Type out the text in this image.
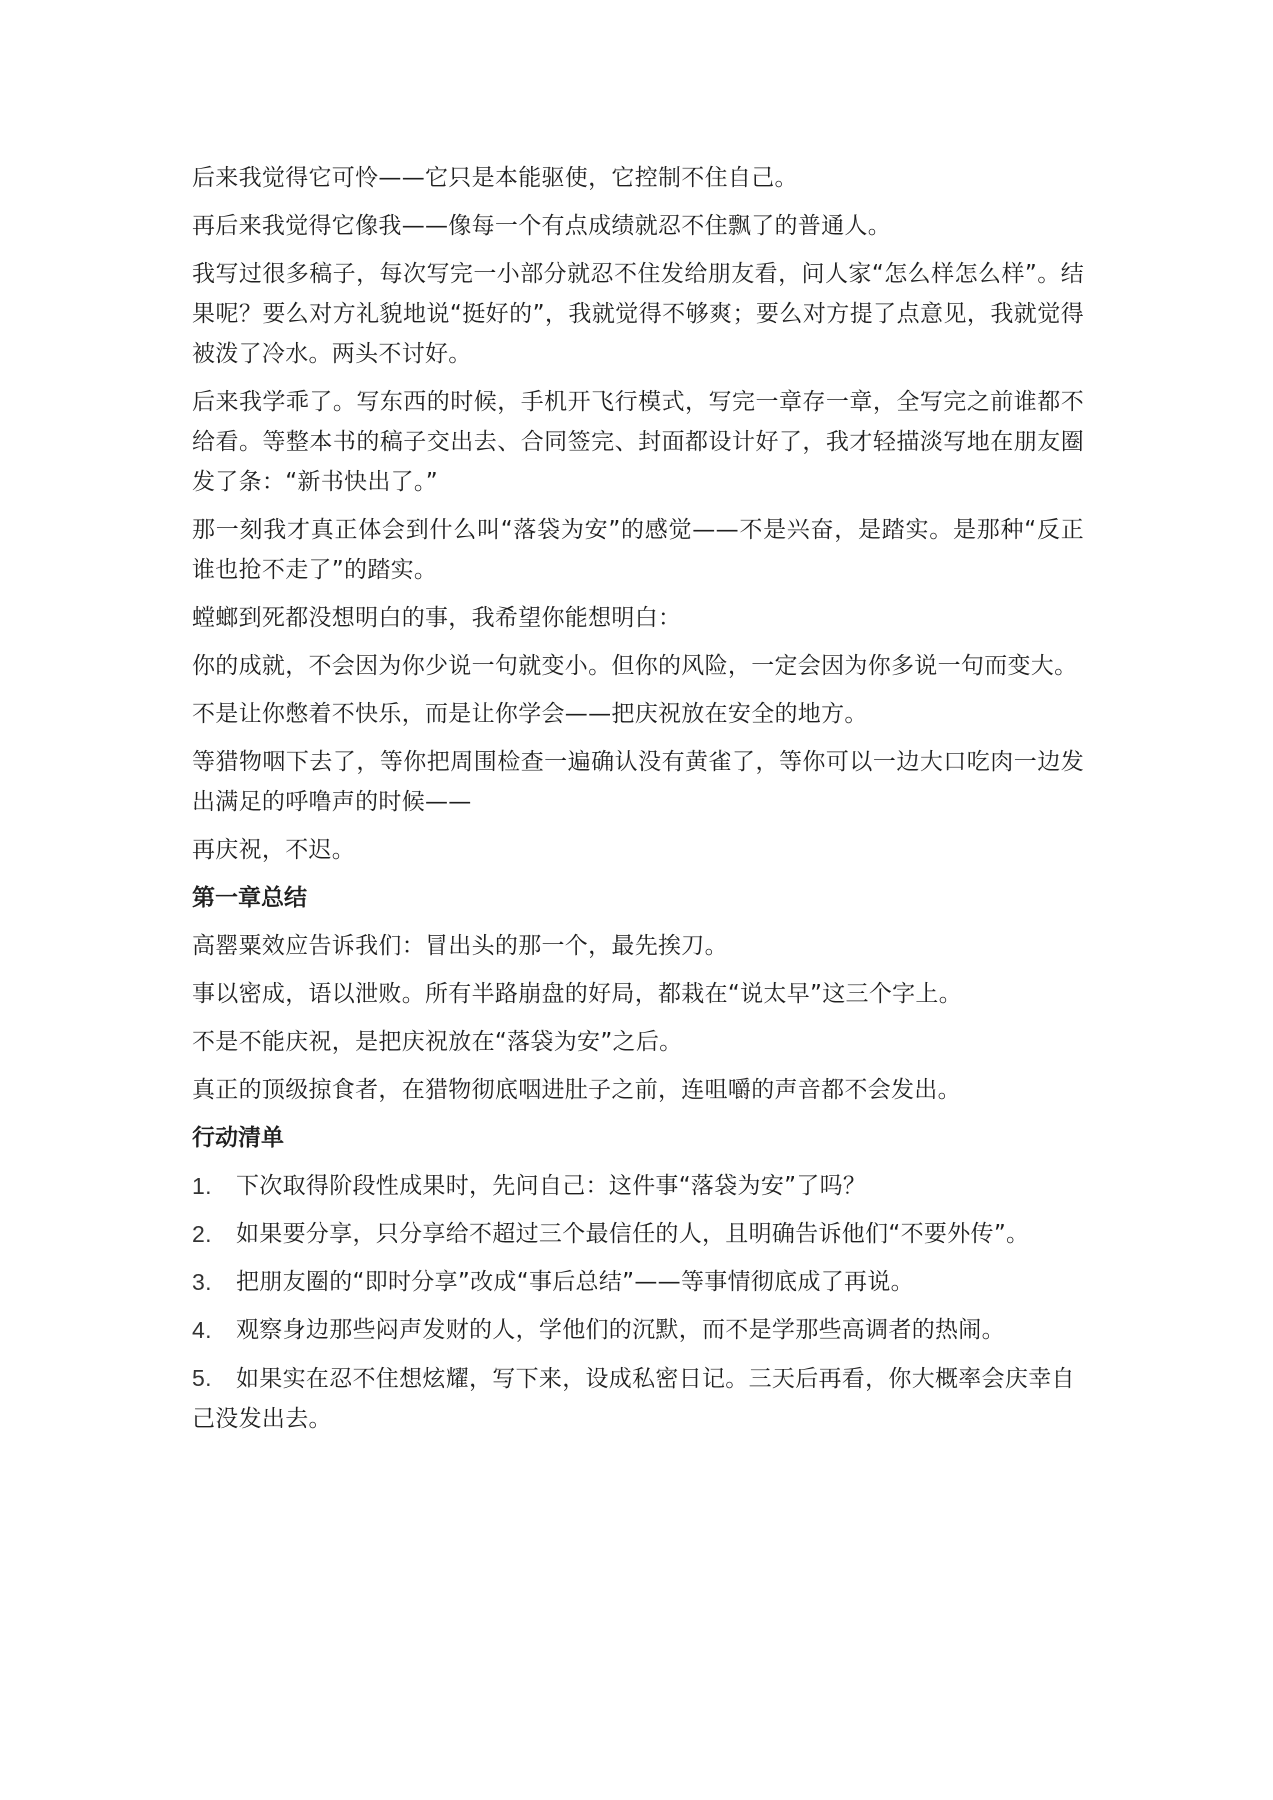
后来我觉得它可怜——它只是本能驱使，它控制不住自己。

再后来我觉得它像我——像每一个有点成绩就忍不住飘了的普通人。

我写过很多稿子，每次写完一小部分就忍不住发给朋友看，问人家“怎么样怎么样”。结果呢？要么对方礼貌地说“挺好的”，我就觉得不够爽；要么对方提了点意见，我就觉得被泼了冷水。两头不讨好。

后来我学乖了。写东西的时候，手机开飞行模式，写完一章存一章，全写完之前谁都不给看。等整本书的稿子交出去、合同签完、封面都设计好了，我才轻描淡写地在朋友圈发了条：“新书快出了。”

那一刻我才真正体会到什么叫“落袋为安”的感觉——不是兴奋，是踏实。是那种“反正谁也抢不走了”的踏实。

螳螂到死都没想明白的事，我希望你能想明白：

你的成就，不会因为你少说一句就变小。但你的风险，一定会因为你多说一句而变大。

不是让你憋着不快乐，而是让你学会——把庆祝放在安全的地方。

等猎物咽下去了，等你把周围检查一遍确认没有黄雀了，等你可以一边大口吃肉一边发出满足的呼噜声的时候——

再庆祝，不迟。

第一章总结

高罂粟效应告诉我们：冒出头的那一个，最先挨刀。

事以密成，语以泄败。所有半路崩盘的好局，都栽在“说太早”这三个字上。

不是不能庆祝，是把庆祝放在“落袋为安”之后。

真正的顶级掠食者，在猎物彻底咽进肚子之前，连咀嚼的声音都不会发出。

行动清单
1.	下次取得阶段性成果时，先问自己：这件事“落袋为安”了吗？
2.	如果要分享，只分享给不超过三个最信任的人，且明确告诉他们“不要外传”。
3.	把朋友圈的“即时分享”改成“事后总结”——等事情彻底成了再说。
4.	观察身边那些闷声发财的人，学他们的沉默，而不是学那些高调者的热闹。
5. 如果实在忍不住想炫耀，写下来，设成私密日记。三天后再看，你大概率会庆幸自己没发出去。
